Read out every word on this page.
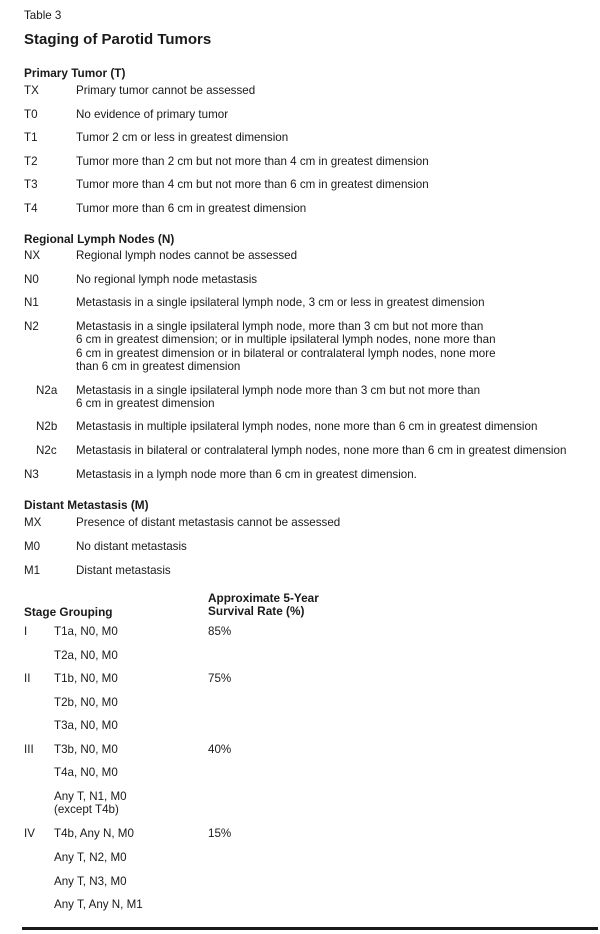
Table 3
Staging of Parotid Tumors
Primary Tumor (T)
TX	Primary tumor cannot be assessed
T0	No evidence of primary tumor
T1	Tumor 2 cm or less in greatest dimension
T2	Tumor more than 2 cm but not more than 4 cm in greatest dimension
T3	Tumor more than 4 cm but not more than 6 cm in greatest dimension
T4	Tumor more than 6 cm in greatest dimension
Regional Lymph Nodes (N)
NX	Regional lymph nodes cannot be assessed
N0	No regional lymph node metastasis
N1	Metastasis in a single ipsilateral lymph node, 3 cm or less in greatest dimension
N2	Metastasis in a single ipsilateral lymph node, more than 3 cm but not more than
6 cm in greatest dimension; or in multiple ipsilateral lymph nodes, none more than
6 cm in greatest dimension or in bilateral or contralateral lymph nodes, none more
than 6 cm in greatest dimension
N2a Metastasis in a single ipsilateral lymph node more than 3 cm but not more than
6 cm in greatest dimension
N2b Metastasis in multiple ipsilateral lymph nodes, none more than 6 cm in greatest dimension
N2c Metastasis in bilateral or contralateral lymph nodes, none more than 6 cm in greatest dimension
N3	Metastasis in a lymph node more than 6 cm in greatest dimension.
Distant Metastasis (M)
MX	Presence of distant metastasis cannot be assessed
M0	No distant metastasis
M1	Distant metastasis
Stage Grouping
Approximate 5-Year
Survival Rate (%)
I T1a, N0, M0	85%
T2a, N0, M0
II T1b, N0, M0	75%
T2b, N0, M0
T3a, N0, M0
III T3b, N0, M0	40%
T4a, N0, M0
Any T, N1, M0
(except T4b)
IV T4b, Any N, M0	15%
Any T, N2, M0
Any T, N3, M0
Any T, Any N, M1
